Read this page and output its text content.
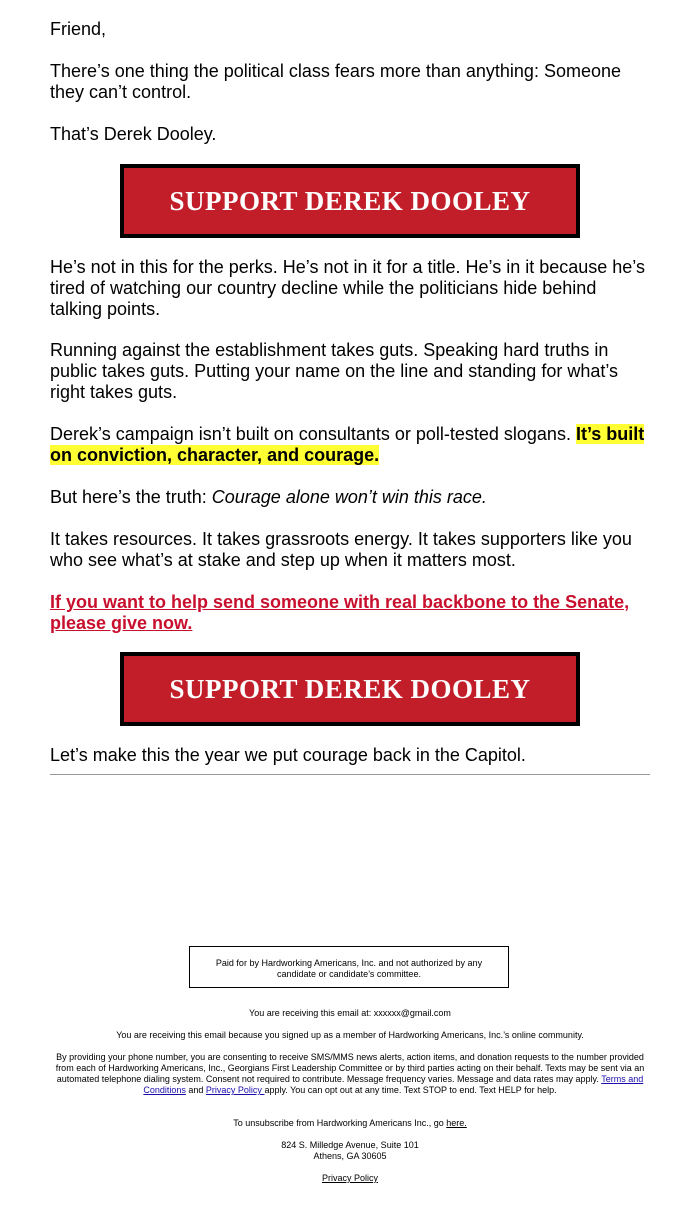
Friend,

There’s one thing the political class fears more than anything: Someone they can’t control.

That’s Derek Dooley.

SUPPORT DEREK DOOLEY

He’s not in this for the perks. He’s not in it for a title. He’s in it because he’s tired of watching our country decline while the politicians hide behind talking points.

Running against the establishment takes guts. Speaking hard truths in public takes guts. Putting your name on the line and standing for what’s right takes guts.

Derek’s campaign isn’t built on consultants or poll-tested slogans. It’s built on conviction, character, and courage.

But here’s the truth: Courage alone won’t win this race.

It takes resources. It takes grassroots energy. It takes supporters like you who see what’s at stake and step up when it matters most.

If you want to help send someone with real backbone to the Senate, please give now.

SUPPORT DEREK DOOLEY

Let’s make this the year we put courage back in the Capitol.

Paid for by Hardworking Americans, Inc. and not authorized by any candidate or candidate’s committee.

You are receiving this email at: xxxxxx@gmail.com

You are receiving this email because you signed up as a member of Hardworking Americans, Inc.’s online community.

By providing your phone number, you are consenting to receive SMS/MMS news alerts, action items, and donation requests to the number provided from each of Hardworking Americans, Inc., Georgians First Leadership Committee or by third parties acting on their behalf. Texts may be sent via an automated telephone dialing system. Consent not required to contribute. Message frequency varies. Message and data rates may apply. Terms and Conditions and Privacy Policy apply. You can opt out at any time. Text STOP to end. Text HELP for help.

To unsubscribe from Hardworking Americans Inc., go here.

824 S. Milledge Avenue, Suite 101
Athens, GA 30605

Privacy Policy
